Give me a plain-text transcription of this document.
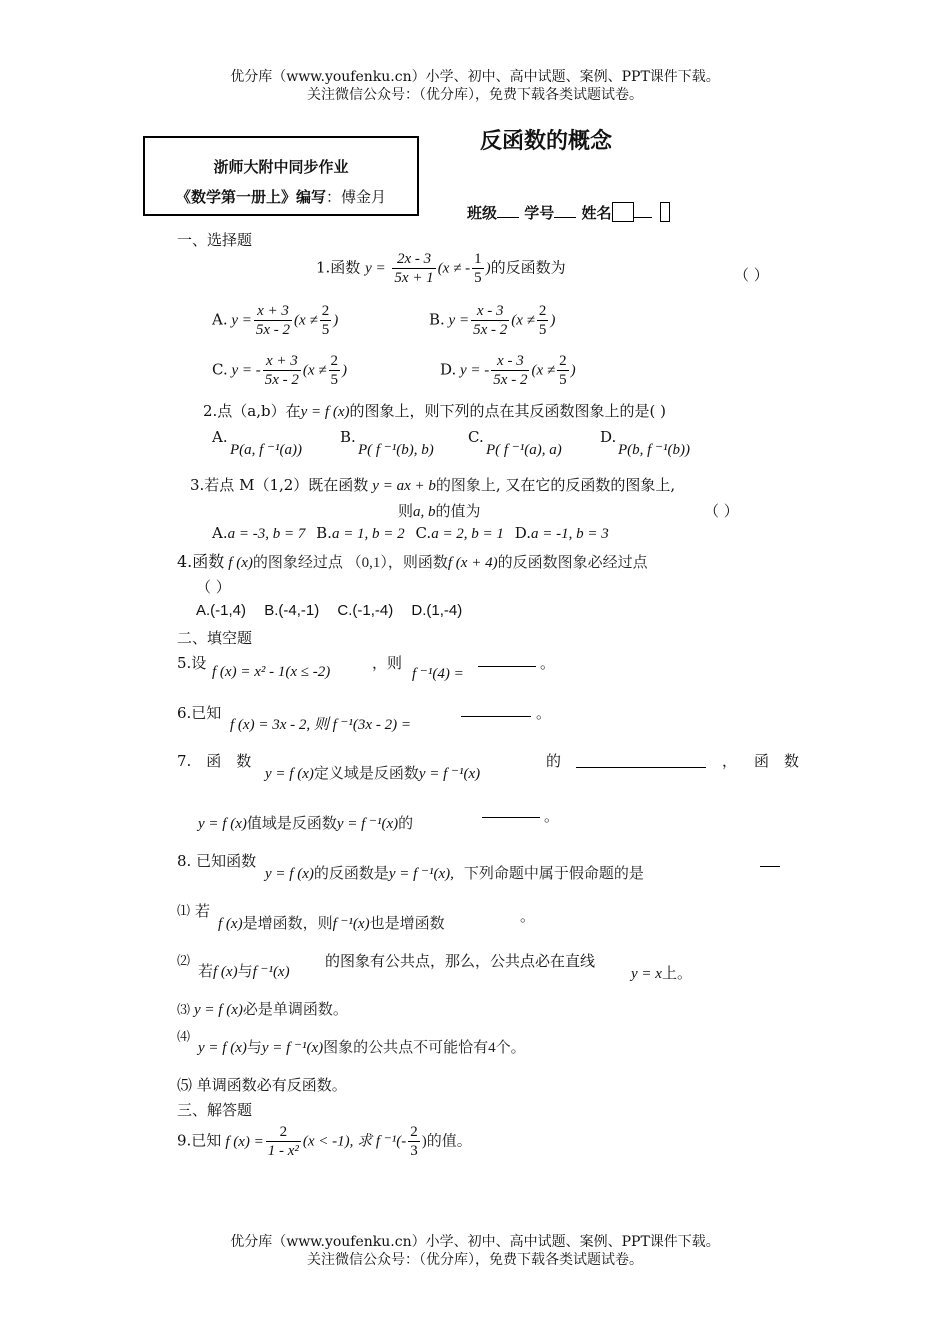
优分库（www.youfenku.cn）小学、初中、高中试题、案例、PPT课件下载。
关注微信公众号：（优分库），免费下载各类试题试卷。
浙师大附中同步作业
《数学第一册上》编写：傅金月
反函数的概念
班级 学号 姓名
一、选择题
1.函数 $y = \frac{2x - 3}{5x + 1} (x$ ≠ - $\frac{1}{5}$ )的反函数为	（ ）
A. $y = \frac{x + 3}{5x - 2} (x \ne \frac{2}{5}$ )	B. $y = \frac{x - 3}{5x - 2} (x \ne \frac{2}{5}$ )
C. y = - $\frac{x + 3}{5x - 2} (x \ne \frac{2}{5}$ )	D. y = - $\frac{x - 3}{5x - 2} (x \ne \frac{2}{5}$ )
2.点（a,b）在y = f (x)的图象上，则下列的点在其反函数图象上的是( )
A.
P(a, f ⁻¹(a))
B.
P( f ⁻¹(b), b)
C.
P( f ⁻¹(a), a)
D.
P(b, f ⁻¹(b))
3.若点 M（1,2）既在函数 y = ax + b的图象上, 又在它的反函数的图象上,
则a, b的值为	（ ）
A.a = -3, b = 7 B.a = 1, b = 2 C.a = 2, b = 1 D.a = -1, b = 3
4.函数 f (x)的图象经过点 （0,1），则函数f (x + 4)的反函数图象必经过点
（ ）
A.(-1,4) B.(-4,-1) C.(-1,-4) D.(1,-4)
二、填空题
5.设 f (x) = x² - 1(x ≤ -2)	，则
f ⁻¹(4) =
。
6.已知
f (x) = 3x - 2, 则 f ⁻¹(3x - 2) =
。
7.　函　数
y = f (x)定义域是反函数y = f ⁻¹(x)
的	， 函　数
y = f (x)值域是反函数y = f ⁻¹(x)的	。
8. 已知函数
y = f (x)的反函数是y = f ⁻¹(x), 下列命题中属于假命题的是
⑴ 若
f (x)是增函数，则f ⁻¹(x)也是增函数	。
⑵
若f (x)与f ⁻¹(x)
的图象有公共点，那么，公共点必在直线
y = x上。
⑶ y = f (x)必是单调函数。
⑷
y = f (x)与y = f ⁻¹(x)图象的公共点不可能恰有4个。
⑸ 单调函数必有反函数。
三、解答题
9.已知 f $(x) = \frac{2}{\text{1 - x²}} (x < -1)$, 求 f $^{-1}(- \frac{2}{3}$ )的值。
优分库（www.youfenku.cn）小学、初中、高中试题、案例、PPT课件下载。
关注微信公众号：（优分库），免费下载各类试题试卷。
